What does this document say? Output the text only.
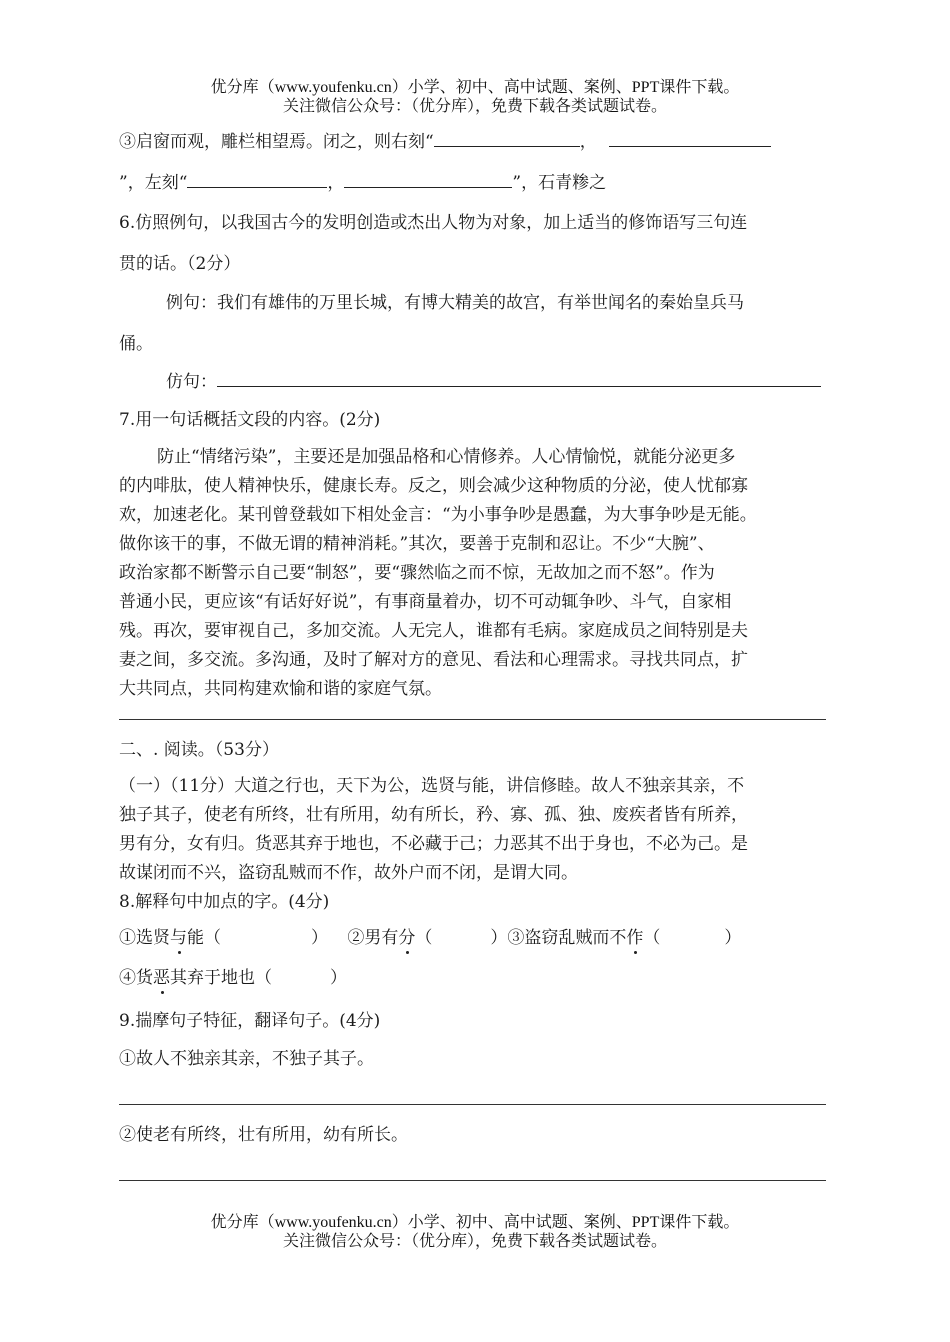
优分库（www.youfenku.cn）小学、初中、高中试题、案例、PPT课件下载。
关注微信公众号：（优分库），免费下载各类试题试卷。
③启窗而观，雕栏相望焉。闭之，则右刻“	，
”，左刻“	，	”，石青糁之
6.仿照例句，以我国古今的发明创造或杰出人物为对象，加上适当的修饰语写三句连
贯的话。（2分）
例句：我们有雄伟的万里长城，有博大精美的故宫，有举世闻名的秦始皇兵马
俑。
仿句：
7.用一句话概括文段的内容。(2分)

防止“情绪污染”，主要还是加强品格和心情修养。人心情愉悦，就能分泌更多

的内啡肽，使人精神快乐，健康长寿。反之，则会减少这种物质的分泌，使人忧郁寡

欢，加速老化。某刊曾登载如下相处金言：“为小事争吵是愚蠢，为大事争吵是无能。

做你该干的事，不做无谓的精神消耗。”其次，要善于克制和忍让。不少“大腕”、

政治家都不断警示自己要“制怒”，要“骤然临之而不惊，无故加之而不怒”。作为

普通小民，更应该“有话好好说”，有事商量着办，切不可动辄争吵、斗气，自家相

残。再次，要审视自己，多加交流。人无完人，谁都有毛病。家庭成员之间特别是夫

妻之间，多交流。多沟通，及时了解对方的意见、看法和心理需求。寻找共同点，扩

大共同点，共同构建欢愉和谐的家庭气氛。

二、. 阅读。（53分）

（一）（11分）大道之行也，天下为公，选贤与能，讲信修睦。故人不独亲其亲，不

独子其子，使老有所终，壮有所用，幼有所长，矜、寡、孤、独、废疾者皆有所养，

男有分，女有归。货恶其弃于地也，不必藏于己；力恶其不出于身也，不必为己。是

故谋闭而不兴，盗窃乱贼而不作，故外户而不闭，是谓大同。

8.解释句中加点的字。(4分)
①选贤与能（	） ②男有分（	）③盗窃乱贼而不作（	）
④货恶其弃于地也（	）
9.揣摩句子特征，翻译句子。(4分)
①故人不独亲其亲，不独子其子。
②使老有所终，壮有所用，幼有所长。
优分库（www.youfenku.cn）小学、初中、高中试题、案例、PPT课件下载。
关注微信公众号：（优分库），免费下载各类试题试卷。
